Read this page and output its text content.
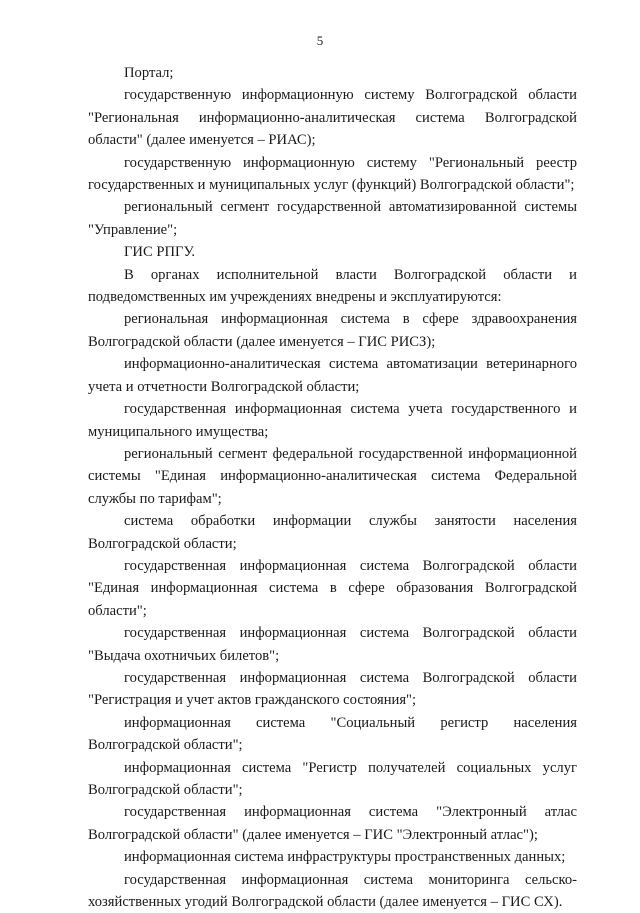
5

Портал;

государственную информационную систему Волгоградской области "Региональная информационно-аналитическая система Волгоградской области" (далее именуется – РИАС);

государственную информационную систему "Региональный реестр государственных и муниципальных услуг (функций) Волгоградской области";

региональный сегмент государственной автоматизированной системы "Управление";

ГИС РПГУ.

В органах исполнительной власти Волгоградской области и подведомственных им учреждениях внедрены и эксплуатируются:

региональная информационная система в сфере здравоохранения Волгоградской области (далее именуется – ГИС РИСЗ);

информационно-аналитическая система автоматизации ветеринарного учета и отчетности Волгоградской области;

государственная информационная система учета государственного и муниципального имущества;

региональный сегмент федеральной государственной информационной системы "Единая информационно-аналитическая система Федеральной службы по тарифам";

система обработки информации службы занятости населения Волгоградской области;

государственная информационная система Волгоградской области "Единая информационная система в сфере образования Волгоградской области";

государственная информационная система Волгоградской области "Выдача охотничьих билетов";

государственная информационная система Волгоградской области "Регистрация и учет актов гражданского состояния";

информационная система "Социальный регистр населения Волгоградской области";

информационная система "Регистр получателей социальных услуг Волгоградской области";

государственная информационная система "Электронный атлас Волгоградской области" (далее именуется – ГИС "Электронный атлас");

информационная система инфраструктуры пространственных данных;

государственная информационная система мониторинга сельско-хозяйственных угодий Волгоградской области (далее именуется – ГИС СХ).
